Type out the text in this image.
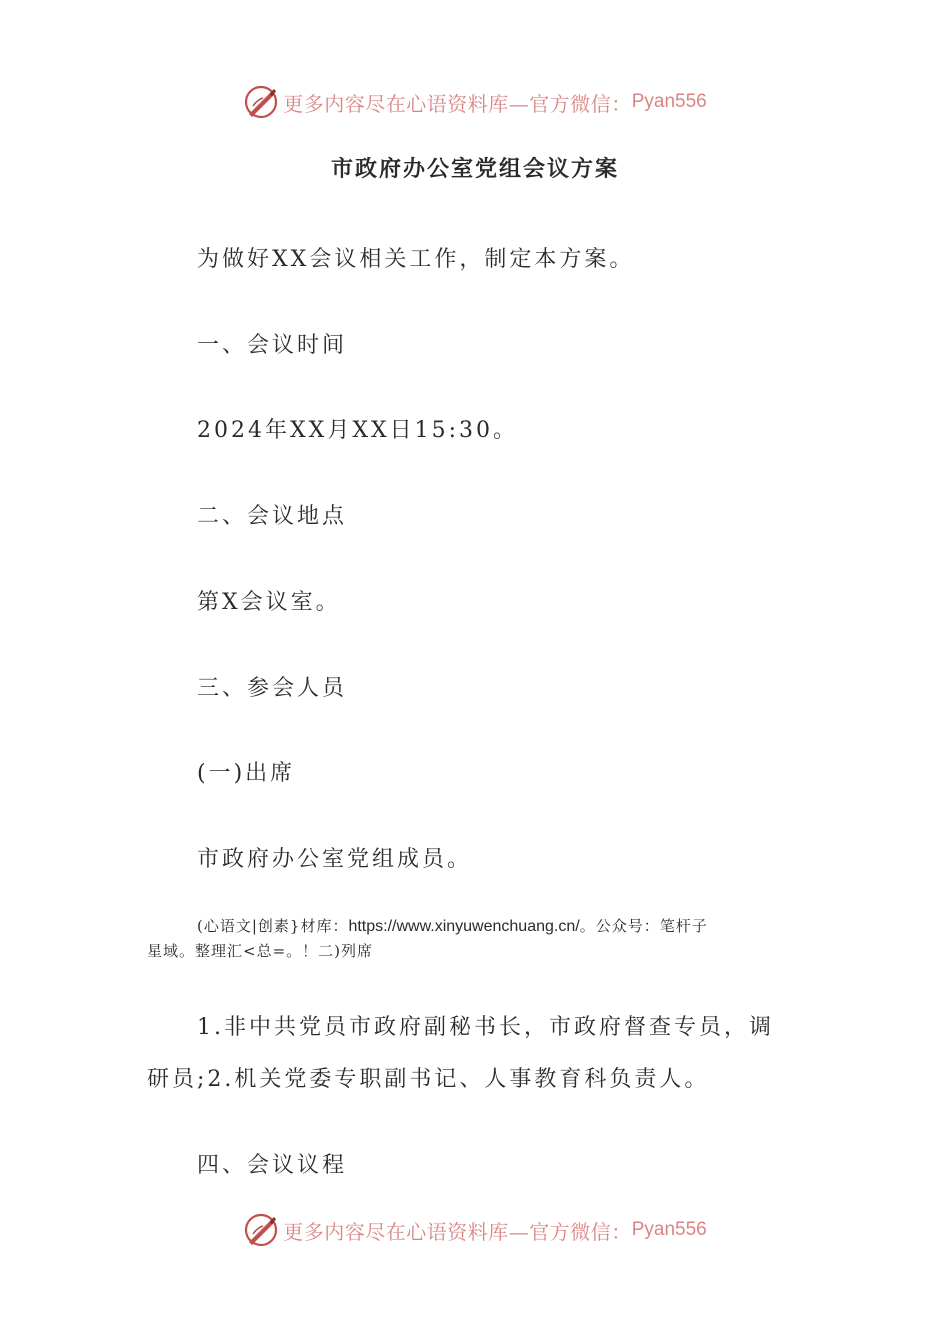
更多内容尽在心语资料库—官方微信： Pyan556
市政府办公室党组会议方案
为做好XX会议相关工作，制定本方案。
一、会议时间
2024年XX月XX日15:30。
二、会议地点
第X会议室。
三、参会人员
(一)出席
市政府办公室党组成员。
(心语文|创素}材库：https://www.xinyuwenchuang.cn/。公众号：笔杆子
星域。整理汇<总=。！二)列席
1.非中共党员市政府副秘书长，市政府督查专员，调研员;2.机关党委专职副书记、人事教育科负责人。
四、会议议程
更多内容尽在心语资料库—官方微信： Pyan556
